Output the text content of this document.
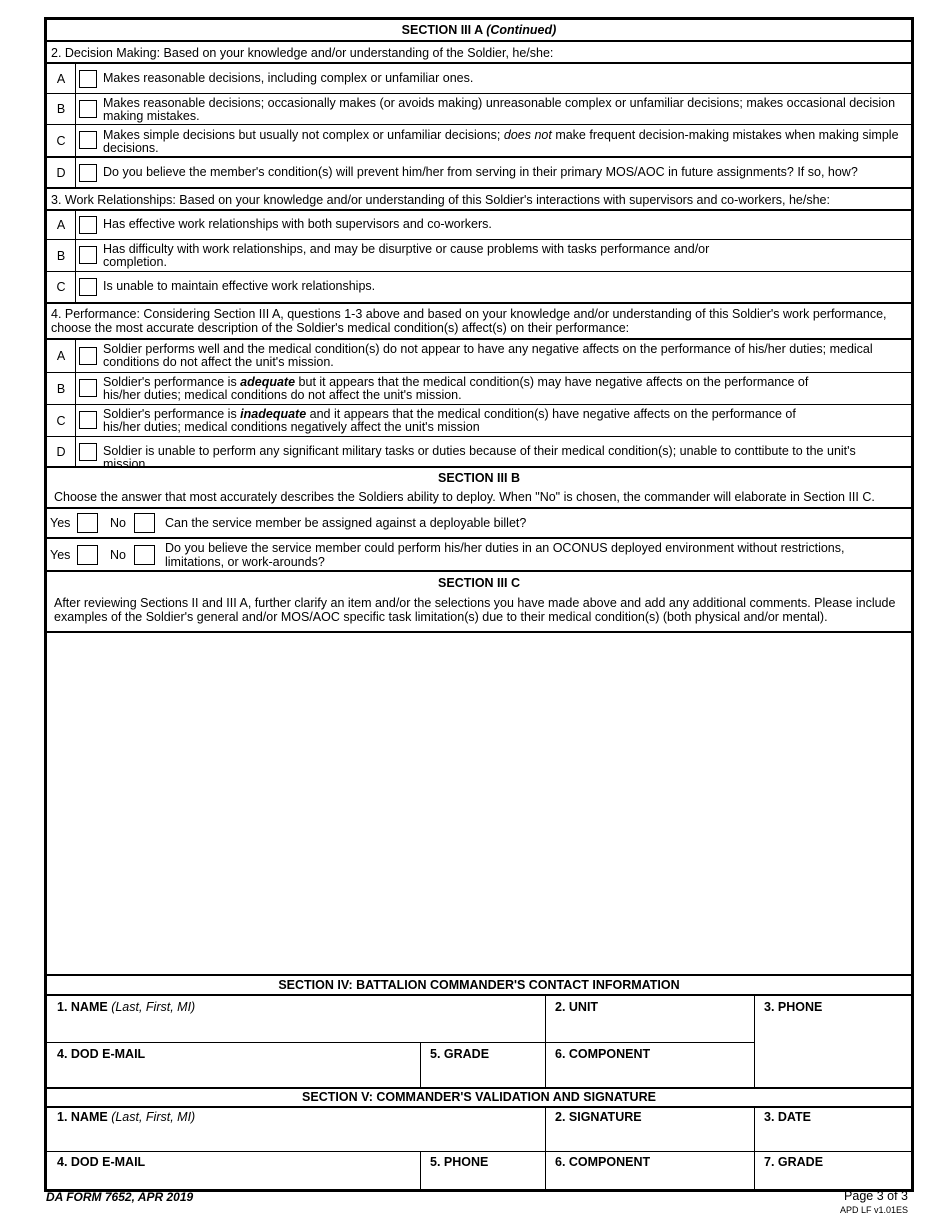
SECTION III A (Continued)
2. Decision Making: Based on your knowledge and/or understanding of the Soldier, he/she:
A	Makes reasonable decisions, including complex or unfamiliar ones.
B	Makes reasonable decisions; occasionally makes (or avoids making) unreasonable complex or unfamiliar decisions; makes occasional decision making mistakes.
C	Makes simple decisions but usually not complex or unfamiliar decisions; does not make frequent decision-making mistakes when making simple decisions.
D	Do you believe the member's condition(s) will prevent him/her from serving in their primary MOS/AOC in future assignments? If so, how?
3. Work Relationships: Based on your knowledge and/or understanding of this Soldier's interactions with supervisors and co-workers, he/she:
A	Has effective work relationships with both supervisors and co-workers.
B	Has difficulty with work relationships, and may be disurptive or cause problems with tasks performance and/or
completion.
C	Is unable to maintain effective work relationships.
4. Performance: Considering Section III A, questions 1-3 above and based on your knowledge and/or understanding of this Soldier's work performance, choose the most accurate description of the Soldier's medical condition(s) affect(s) on their performance:
A	Soldier performs well and the medical condition(s) do not appear to have any negative affects on the performance of his/her duties; medical conditions do not affect the unit's mission.
B	Soldier's performance is adequate but it appears that the medical condition(s) may have negative affects on the performance of
his/her duties; medical conditions do not affect the unit's mission.
C	Soldier's performance is inadequate and it appears that the medical condition(s) have negative affects on the performance of
his/her duties; medical conditions negatively affect the unit's mission
D	Soldier is unable to perform any significant military tasks or duties because of their medical condition(s); unable to conttibute to the unit's mission.
SECTION III B
Choose the answer that most accurately describes the Soldiers ability to deploy. When "No" is chosen, the commander will elaborate in Section III C.
Yes	No	Can the service member be assigned against a deployable billet?
Yes	No	Do you believe the service member could perform his/her duties in an OCONUS deployed environment without restrictions, limitations, or work-arounds?
SECTION III C
After reviewing Sections II and III A, further clarify an item and/or the selections you have made above and add any additional comments. Please include examples of the Soldier's general and/or MOS/AOC specific task limitation(s) due to their medical condition(s) (both physical and/or mental).
SECTION IV: BATTALION COMMANDER'S CONTACT INFORMATION
1. NAME (Last, First, MI)	2. UNIT	3. PHONE
4. DOD E-MAIL	5. GRADE	6. COMPONENT
SECTION V: COMMANDER'S VALIDATION AND SIGNATURE
1. NAME (Last, First, MI)	2. SIGNATURE	3. DATE
4. DOD E-MAIL	5. PHONE	6. COMPONENT	7. GRADE
DA FORM 7652, APR 2019	Page 3 of 3
APD LF v1.01ES
